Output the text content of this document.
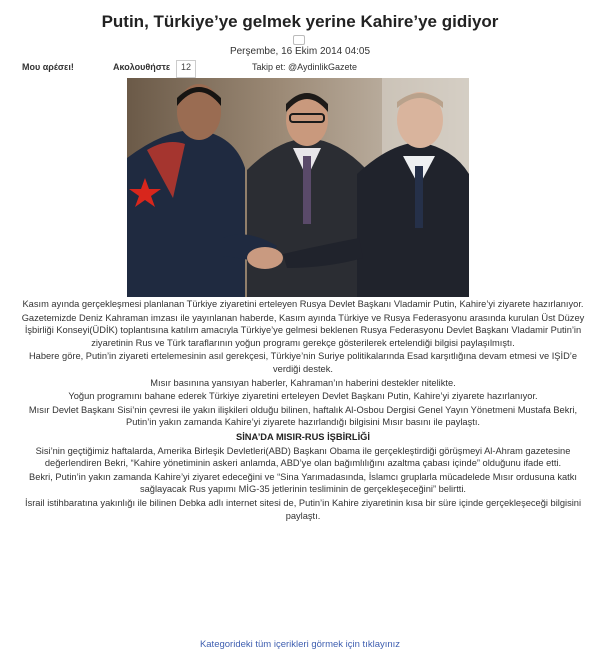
Putin, Türkiye’ye gelmek yerine Kahire’ye gidiyor
Perşembe, 16 Ekim 2014 04:05
Μου αρέσει!	Ακολουθήστε	12	Takip et: @AydinlikGazete

Kasım ayında gerçekleşmesi planlanan Türkiye ziyaretini erteleyen Rusya Devlet Başkanı Vladamir Putin, Kahire’yi ziyarete hazırlanıyor.

Gazetemizde Deniz Kahraman imzası ile yayınlanan haberde, Kasım ayında Türkiye ve Rusya Federasyonu arasında kurulan Üst Düzey İşbirliği Konseyi(ÜDİK) toplantısına katılım amacıyla Türkiye’ye gelmesi beklenen Rusya Federasyonu Devlet Başkanı Vladamir Putin’in ziyaretinin Rus ve Türk taraflarının yoğun programı gerekçe gösterilerek ertelendiği bilgisi paylaşılmıştı.

Habere göre, Putin’in ziyareti ertelemesinin asıl gerekçesi, Türkiye’nin Suriye politikalarında Esad karşıtlığına devam etmesi ve IŞİD’e verdiği destek.

Mısır basınına yansıyan haberler, Kahraman’ın haberini destekler nitelikte.

Yoğun programını bahane ederek Türkiye ziyaretini erteleyen Devlet Başkanı Putin, Kahire’yi ziyarete hazırlanıyor.

Mısır Devlet Başkanı Sisi’nin çevresi ile yakın ilişkileri olduğu bilinen, haftalık Al-Osbou Dergisi Genel Yayın Yönetmeni Mustafa Bekri, Putin’in yakın zamanda Kahire’yi ziyarete hazırlandığı bilgisini Mısır basını ile paylaştı.

SİNA’DA MISIR-RUS İŞBİRLİĞİ

Sisi’nin geçtiğimiz haftalarda, Amerika Birleşik Devletleri(ABD) Başkanı Obama ile gerçekleştirdiği görüşmeyi Al-Ahram gazetesine değerlendiren Bekri, “Kahire yönetiminin askeri anlamda, ABD’ye olan bağımlılığını azaltma çabası içinde” olduğunu ifade etti.

Bekri, Putin’in yakın zamanda Kahire’yi ziyaret edeceğini ve “Sina Yarımadasında, İslamcı gruplarla mücadelede Mısır ordusuna katkı sağlayacak Rus yapımı MİG-35 jetlerinin tesliminin de gerçekleşeceğini” belirtti.

İsrail istihbaratına yakınlığı ile bilinen Debka adlı internet sitesi de, Putin’in Kahire ziyaretinin kısa bir süre içinde gerçekleşeceği bilgisini paylaştı.

Kategorideki tüm içerikleri görmek için tıklayınız
